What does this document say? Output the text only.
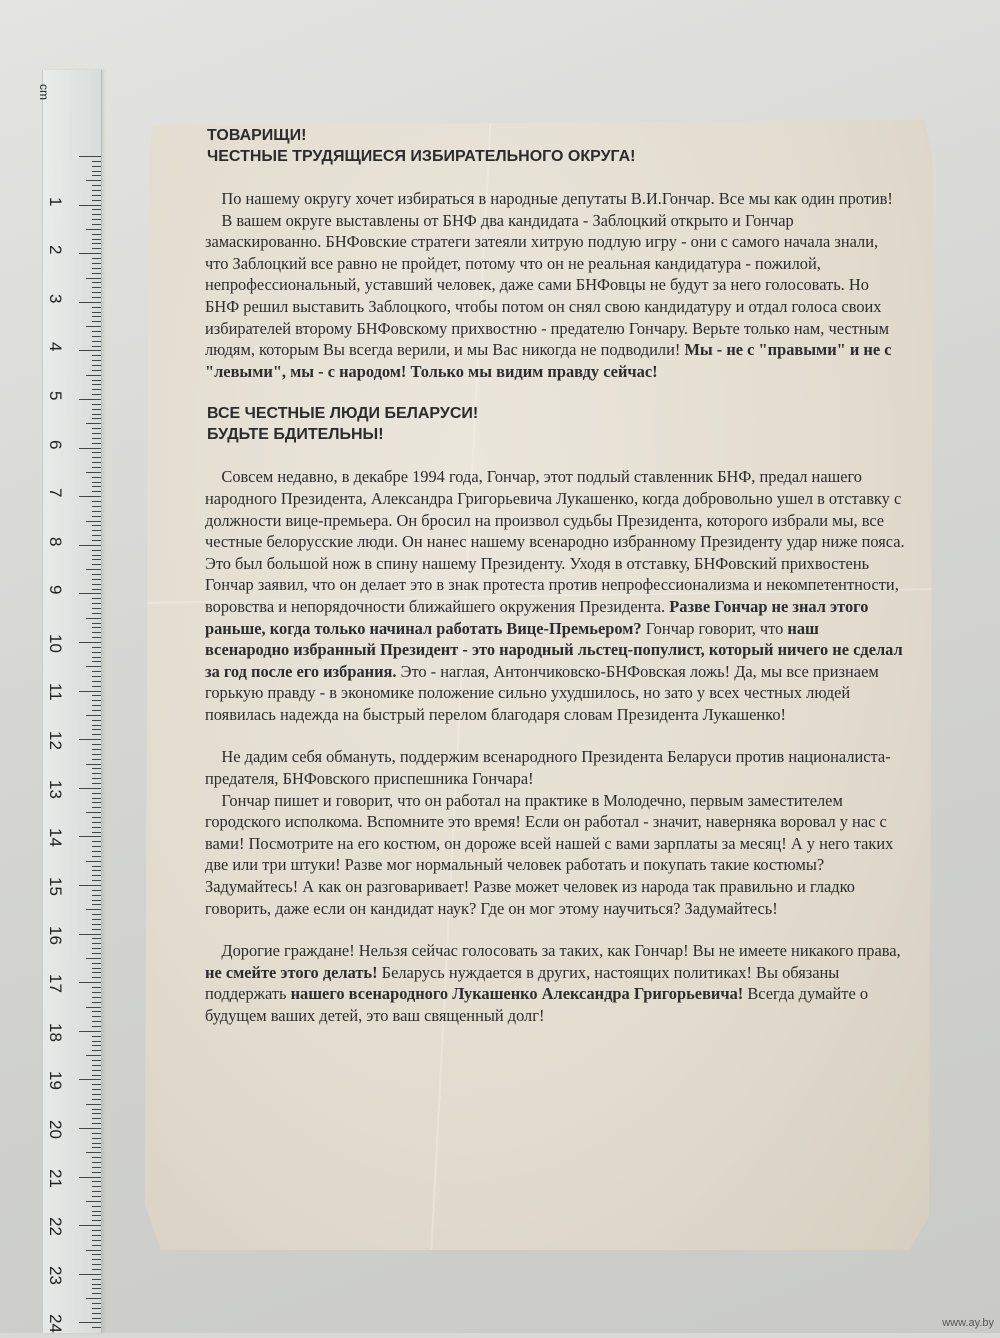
cm
1
2
3
4
5
6
7
8
9
10
11
12
13
14
15
16
17
18
19
20
21
22
23
24

ТОВАРИЩИ!
ЧЕСТНЫЕ ТРУДЯЩИЕСЯ ИЗБИРАТЕЛЬНОГО ОКРУГА!

По нашему округу хочет избираться в народные депутаты В.И.Гончар. Все мы как один против!

В вашем округе выставлены от БНФ два кандидата - Заблоцкий открыто и Гончар замаскированно. БНФовские стратеги затеяли хитрую подлую игру - они с самого начала знали, что Заблоцкий все равно не пройдет, потому что он не реальная кандидатура - пожилой, непрофессиональный, уставший человек, даже сами БНФовцы не будут за него голосовать. Но БНФ решил выставить Заблоцкого, чтобы потом он снял свою кандидатуру и отдал голоса своих избирателей второму БНФовскому прихвостню - предателю Гончару. Верьте только нам, честным людям, которым Вы всегда верили, и мы Вас никогда не подводили! Мы - не с "правыми" и не с "левыми", мы - с народом! Только мы видим правду сейчас!

ВСЕ ЧЕСТНЫЕ ЛЮДИ БЕЛАРУСИ!
БУДЬТЕ БДИТЕЛЬНЫ!

Совсем недавно, в декабре 1994 года, Гончар, этот подлый ставленник БНФ, предал нашего народного Президента, Александра Григорьевича Лукашенко, когда добровольно ушел в отставку с должности вице-премьера. Он бросил на произвол судьбы Президента, которого избрали мы, все честные белорусские люди. Он нанес нашему всенародно избранному Президенту удар ниже пояса. Это был большой нож в спину нашему Президенту. Уходя в отставку, БНФовский прихвостень Гончар заявил, что он делает это в знак протеста против непрофессионализма и некомпетентности, воровства и непорядочности ближайшего окружения Президента. Разве Гончар не знал этого раньше, когда только начинал работать Вице-Премьером? Гончар говорит, что наш всенародно избранный Президент - это народный льстец-популист, который ничего не сделал за год после его избрания. Это - наглая, Антончиковско-БНФовская ложь! Да, мы все признаем горькую правду - в экономике положение сильно ухудшилось, но зато у всех честных людей появилась надежда на быстрый перелом благодаря словам Президента Лукашенко!

Не дадим себя обмануть, поддержим всенародного Президента Беларуси против националиста-предателя, БНФовского приспешника Гончара!

Гончар пишет и говорит, что он работал на практике в Молодечно, первым заместителем городского исполкома. Вспомните это время! Если он работал - значит, наверняка воровал у нас с вами! Посмотрите на его костюм, он дороже всей нашей с вами зарплаты за месяц! А у него таких две или три штуки! Разве мог нормальный человек работать и покупать такие костюмы? Задумайтесь! А как он разговаривает! Разве может человек из народа так правильно и гладко говорить, даже если он кандидат наук? Где он мог этому научиться? Задумайтесь!

Дорогие граждане! Нельзя сейчас голосовать за таких, как Гончар! Вы не имеете никакого права, не смейте этого делать! Беларусь нуждается в других, настоящих политиках! Вы обязаны поддержать нашего всенародного Лукашенко Александра Григорьевича! Всегда думайте о будущем ваших детей, это ваш священный долг!

www.ay.by
